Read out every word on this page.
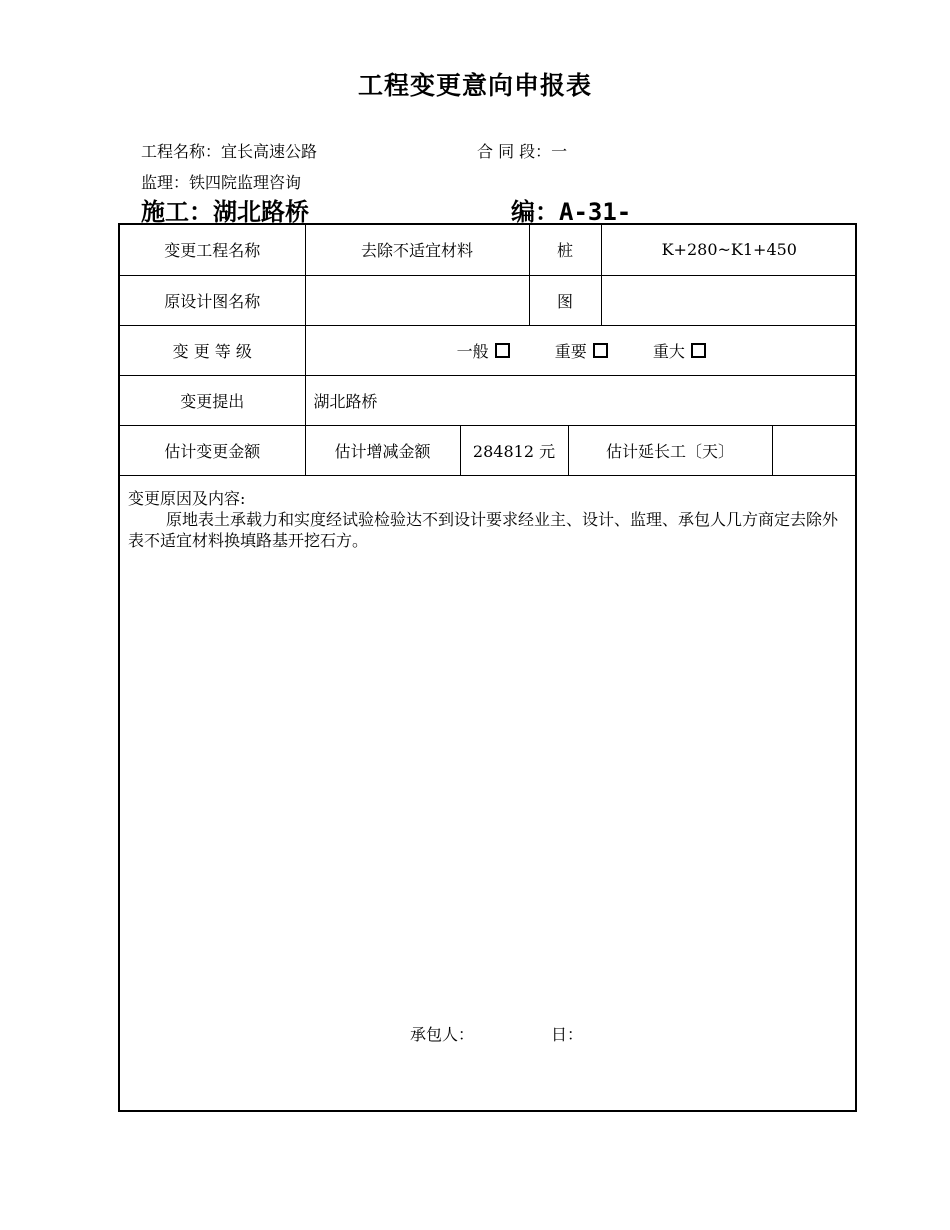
工程变更意向申报表
工程名称：宜长高速公路	合 同 段：一
监理：铁四院监理咨询
施工：湖北路桥	编：A-31-
变更工程名称	去除不适宜材料		桩		K+280~K1+450	
原设计图名称			图			
变 更 等 级	一般 重要 重大					
变更提出	湖北路桥					
估计变更金额	估计增减金额	284812 元		估计延长工〔天〕		
变更原因及内容:
原地表土承载力和实度经试验检验达不到设计要求经业主、设计、监理、承包人几方商定去除外表不适宜材料换填路基开挖石方。
承包人：	日：
